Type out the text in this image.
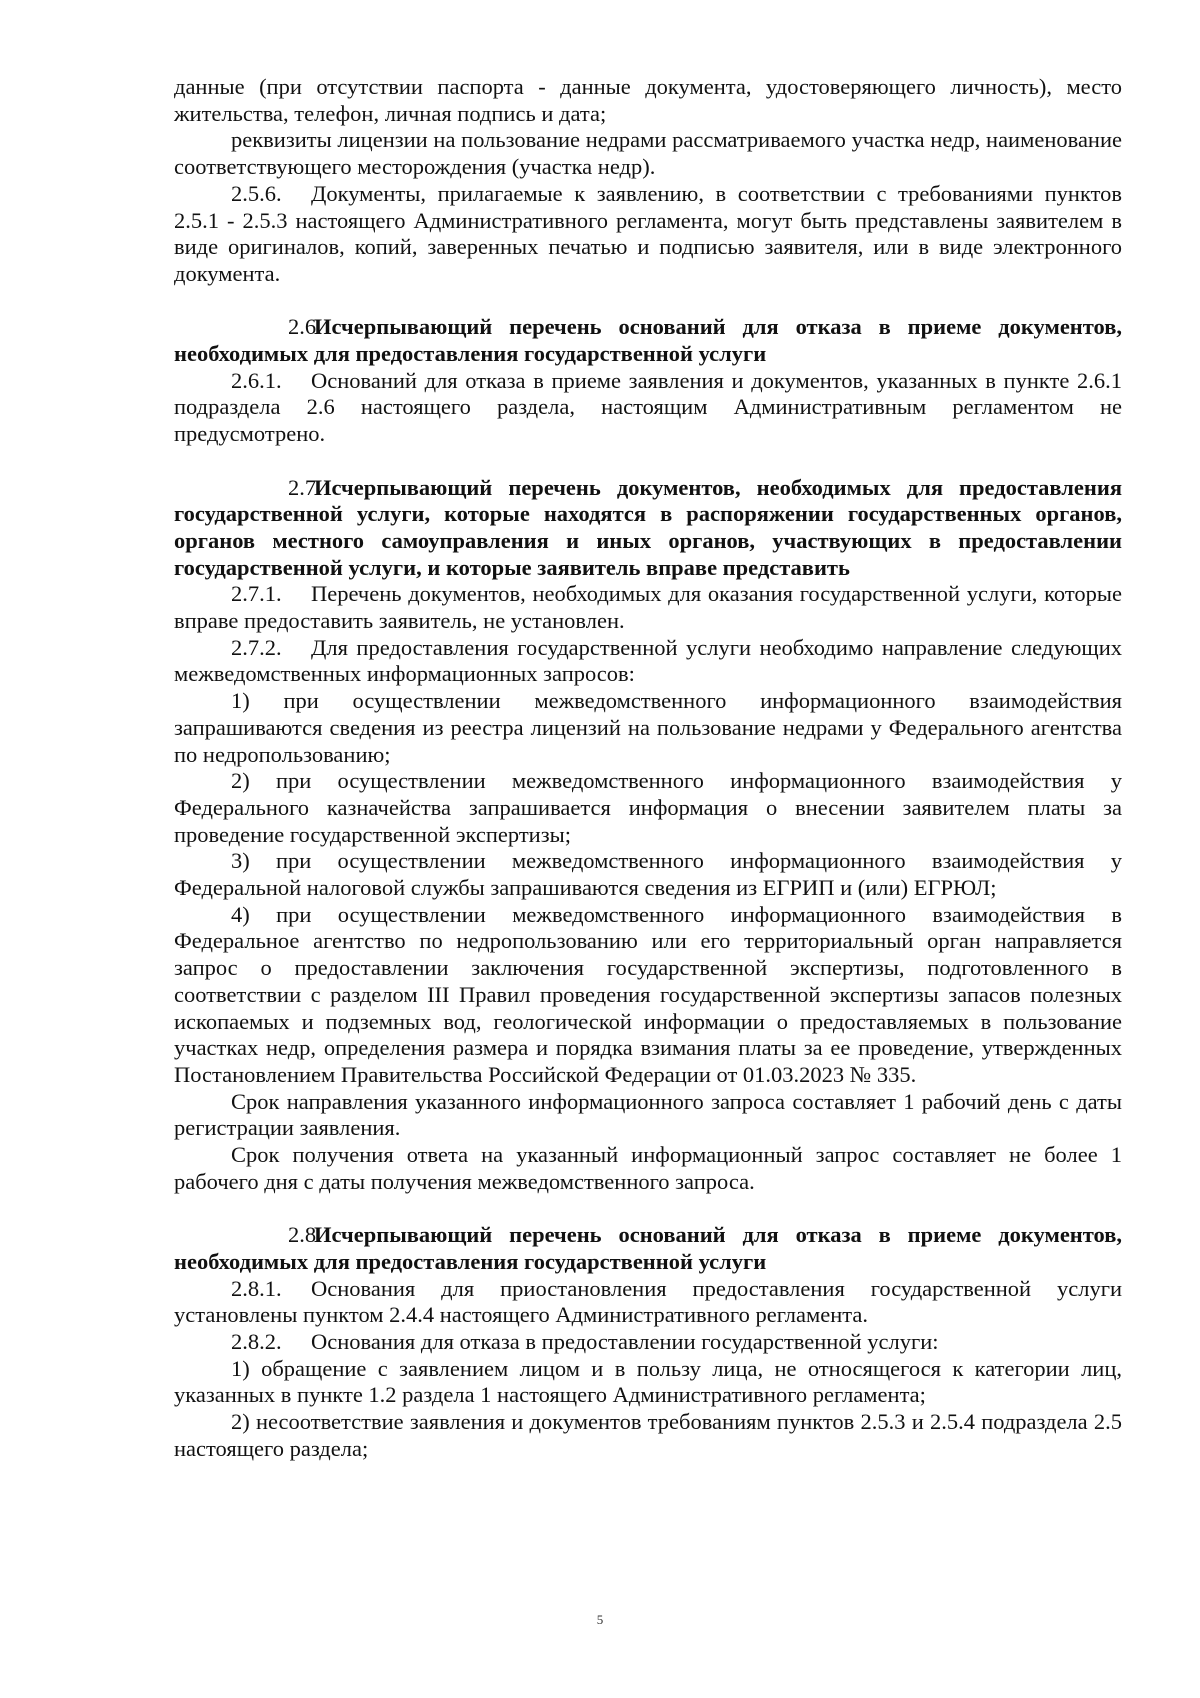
данные (при отсутствии паспорта - данные документа, удостоверяющего личность), место жительства, телефон, личная подпись и дата;

реквизиты лицензии на пользование недрами рассматриваемого участка недр, наименование соответствующего месторождения (участка недр).

2.5.6. Документы, прилагаемые к заявлению, в соответствии с требованиями пунктов 2.5.1 - 2.5.3 настоящего Административного регламента, могут быть представлены заявителем в виде оригиналов, копий, заверенных печатью и подписью заявителя, или в виде электронного документа.

2.6.Исчерпывающий перечень оснований для отказа в приеме документов, необходимых для предоставления государственной услуги

2.6.1. Оснований для отказа в приеме заявления и документов, указанных в пункте 2.6.1 подраздела 2.6 настоящего раздела, настоящим Административным регламентом не предусмотрено.

2.7.Исчерпывающий перечень документов, необходимых для предоставления государственной услуги, которые находятся в распоряжении государственных органов, органов местного самоуправления и иных органов, участвующих в предоставлении государственной услуги, и которые заявитель вправе представить

2.7.1. Перечень документов, необходимых для оказания государственной услуги, которые вправе предоставить заявитель, не установлен.

2.7.2. Для предоставления государственной услуги необходимо направление следующих межведомственных информационных запросов:

1) при осуществлении межведомственного информационного взаимодействия запрашиваются сведения из реестра лицензий на пользование недрами у Федерального агентства по недропользованию;

2) при осуществлении межведомственного информационного взаимодействия у Федерального казначейства запрашивается информация о внесении заявителем платы за проведение государственной экспертизы;

3) при осуществлении межведомственного информационного взаимодействия у Федеральной налоговой службы запрашиваются сведения из ЕГРИП и (или) ЕГРЮЛ;

4) при осуществлении межведомственного информационного взаимодействия в Федеральное агентство по недропользованию или его территориальный орган направляется запрос о предоставлении заключения государственной экспертизы, подготовленного в соответствии с разделом III Правил проведения государственной экспертизы запасов полезных ископаемых и подземных вод, геологической информации о предоставляемых в пользование участках недр, определения размера и порядка взимания платы за ее проведение, утвержденных Постановлением Правительства Российской Федерации от 01.03.2023 № 335.

Срок направления указанного информационного запроса составляет 1 рабочий день с даты регистрации заявления.

Срок получения ответа на указанный информационный запрос составляет не более 1 рабочего дня с даты получения межведомственного запроса.

2.8.Исчерпывающий перечень оснований для отказа в приеме документов, необходимых для предоставления государственной услуги

2.8.1. Основания для приостановления предоставления государственной услуги установлены пунктом 2.4.4 настоящего Административного регламента.

2.8.2. Основания для отказа в предоставлении государственной услуги:

1) обращение с заявлением лицом и в пользу лица, не относящегося к категории лиц, указанных в пункте 1.2 раздела 1 настоящего Административного регламента;

2) несоответствие заявления и документов требованиям пунктов 2.5.3 и 2.5.4 подраздела 2.5 настоящего раздела;

5
